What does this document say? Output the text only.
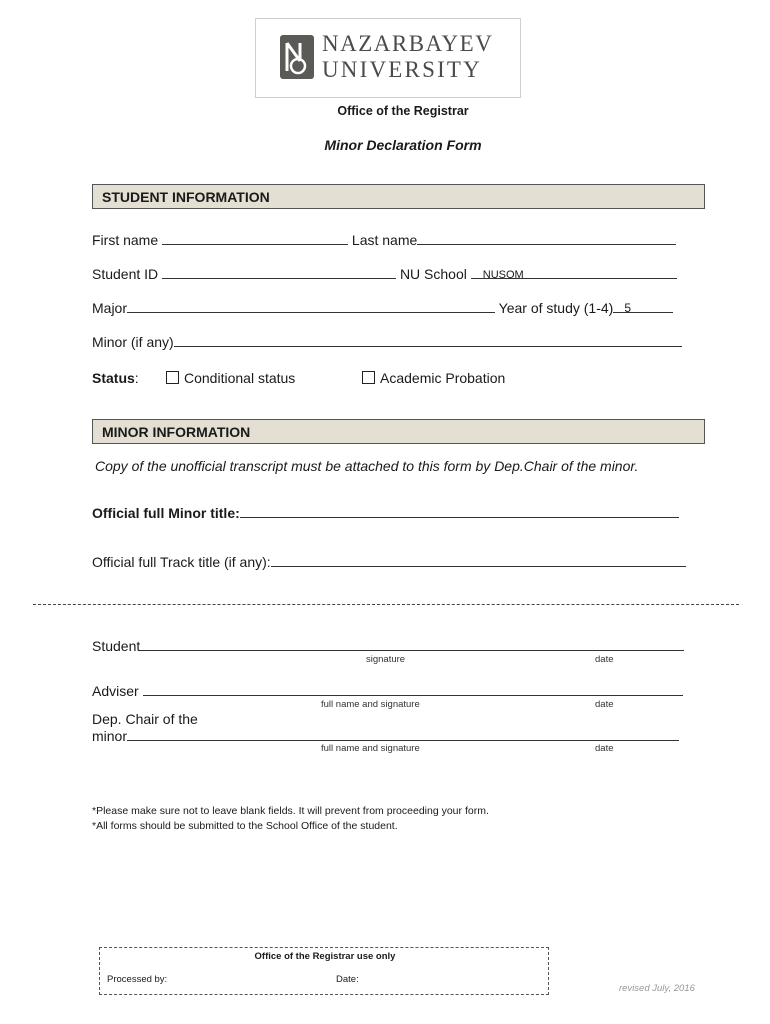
NAZARBAYEV
UNIVERSITY
Office of the Registrar
Minor Declaration Form
STUDENT INFORMATION
First name	Last name
Student ID	NU School NUSOM
Major	Year of study (1-4) 5
Minor (if any)
Status:	Conditional status	Academic Probation
MINOR INFORMATION
Copy of the unofficial transcript must be attached to this form by Dep.Chair of the minor.
Official full Minor title:
Official full Track title (if any):
Student
signature	date
Adviser
full name and signature	date
Dep. Chair of the
minor
full name and signature	date
*Please make sure not to leave blank fields. It will prevent from proceeding your form.
*All forms should be submitted to the School Office of the student.
Office of the Registrar use only
Processed by:	Date:
revised July, 2016
